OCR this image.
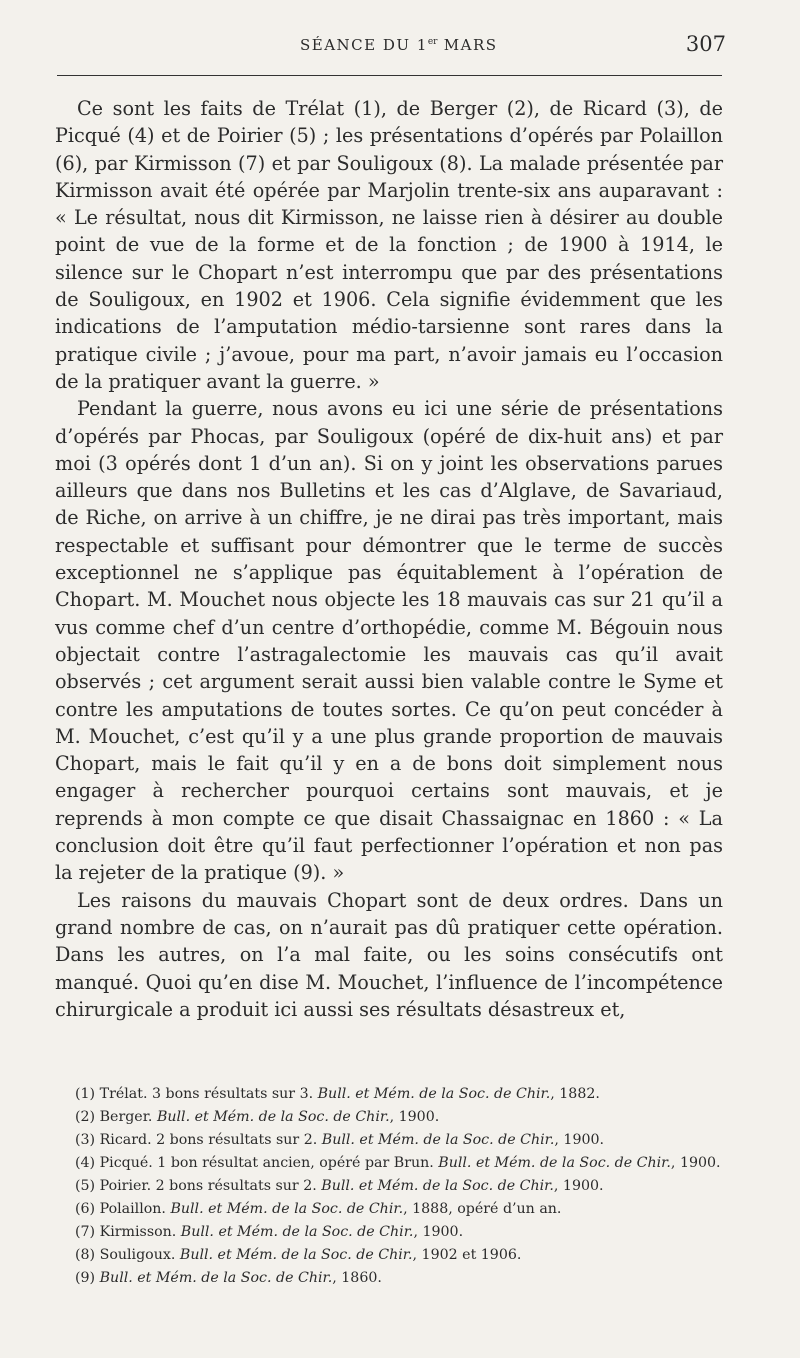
SÉANCE DU 1er MARS	307

Ce sont les faits de Trélat (1), de Berger (2), de Ricard (3), de Picqué (4) et de Poirier (5) ; les présentations d’opérés par Polaillon (6), par Kirmisson (7) et par Souligoux (8). La malade présentée par Kirmisson avait été opérée par Marjolin trente-six ans auparavant : « Le résultat, nous dit Kirmisson, ne laisse rien à désirer au double point de vue de la forme et de la fonction ; de 1900 à 1914, le silence sur le Chopart n’est interrompu que par des présentations de Souligoux, en 1902 et 1906. Cela signifie évidemment que les indications de l’amputation médio-tarsienne sont rares dans la pratique civile ; j’avoue, pour ma part, n’avoir jamais eu l’occasion de la pratiquer avant la guerre. »

Pendant la guerre, nous avons eu ici une série de présentations d’opérés par Phocas, par Souligoux (opéré de dix-huit ans) et par moi (3 opérés dont 1 d’un an). Si on y joint les observations parues ailleurs que dans nos Bulletins et les cas d’Alglave, de Savariaud, de Riche, on arrive à un chiffre, je ne dirai pas très important, mais respectable et suffisant pour démontrer que le terme de succès exceptionnel ne s’applique pas équitablement à l’opération de Chopart. M. Mouchet nous objecte les 18 mauvais cas sur 21 qu’il a vus comme chef d’un centre d’orthopédie, comme M. Bégouin nous objectait contre l’astragalectomie les mauvais cas qu’il avait observés ; cet argument serait aussi bien valable contre le Syme et contre les amputations de toutes sortes. Ce qu’on peut concéder à M. Mouchet, c’est qu’il y a une plus grande proportion de mauvais Chopart, mais le fait qu’il y en a de bons doit simplement nous engager à rechercher pourquoi certains sont mauvais, et je reprends à mon compte ce que disait Chassaignac en 1860 : « La conclusion doit être qu’il faut perfectionner l’opération et non pas la rejeter de la pratique (9). »

Les raisons du mauvais Chopart sont de deux ordres. Dans un grand nombre de cas, on n’aurait pas dû pratiquer cette opération. Dans les autres, on l’a mal faite, ou les soins consécutifs ont manqué. Quoi qu’en dise M. Mouchet, l’influence de l’incompétence chirurgicale a produit ici aussi ses résultats désastreux et,

(1) Trélat. 3 bons résultats sur 3. Bull. et Mém. de la Soc. de Chir., 1882.

(2) Berger. Bull. et Mém. de la Soc. de Chir., 1900.

(3) Ricard. 2 bons résultats sur 2. Bull. et Mém. de la Soc. de Chir., 1900.

(4) Picqué. 1 bon résultat ancien, opéré par Brun. Bull. et Mém. de la Soc. de Chir., 1900.

(5) Poirier. 2 bons résultats sur 2. Bull. et Mém. de la Soc. de Chir., 1900.

(6) Polaillon. Bull. et Mém. de la Soc. de Chir., 1888, opéré d’un an.

(7) Kirmisson. Bull. et Mém. de la Soc. de Chir., 1900.

(8) Souligoux. Bull. et Mém. de la Soc. de Chir., 1902 et 1906.

(9) Bull. et Mém. de la Soc. de Chir., 1860.
